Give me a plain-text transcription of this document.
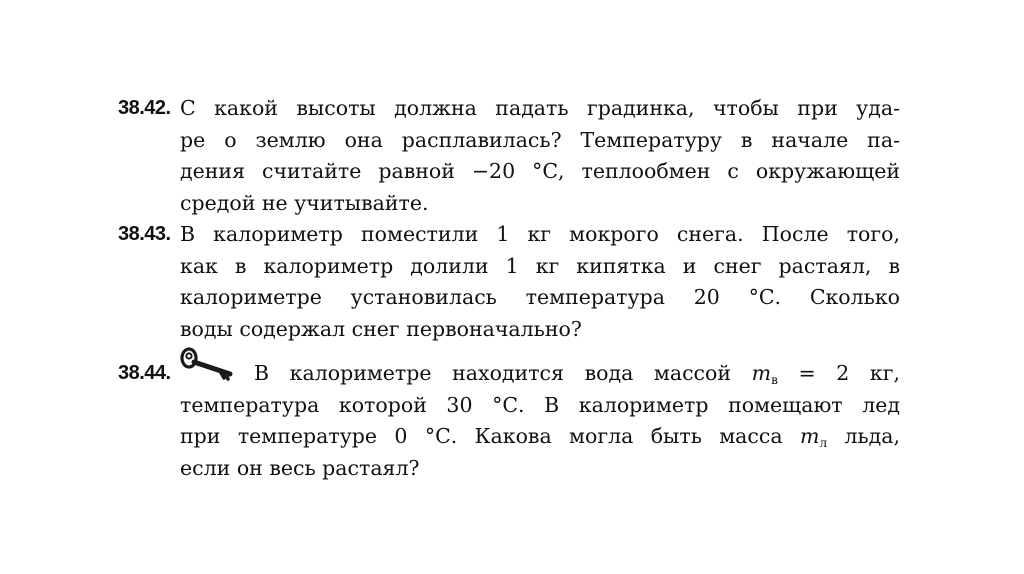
38.42. С какой высоты должна падать градинка, чтобы при уда-
ре о землю она расплавилась? Температуру в начале па-
дения считайте равной −20 °С, теплообмен с окружающей
средой не учитывайте.
38.43. В калориметр поместили 1 кг мокрого снега. После того,
как в калориметр долили 1 кг кипятка и снег растаял, в
калориметре установилась температура 20 °С. Сколько
воды содержал снег первоначально?
38.44.	В калориметре находится вода массой $m_в = 2$ кг,
температура которой 30 °С. В калориметр помещают лед
при температуре 0 °С. Какова могла быть масса $m_л$ льда,
если он весь растаял?
